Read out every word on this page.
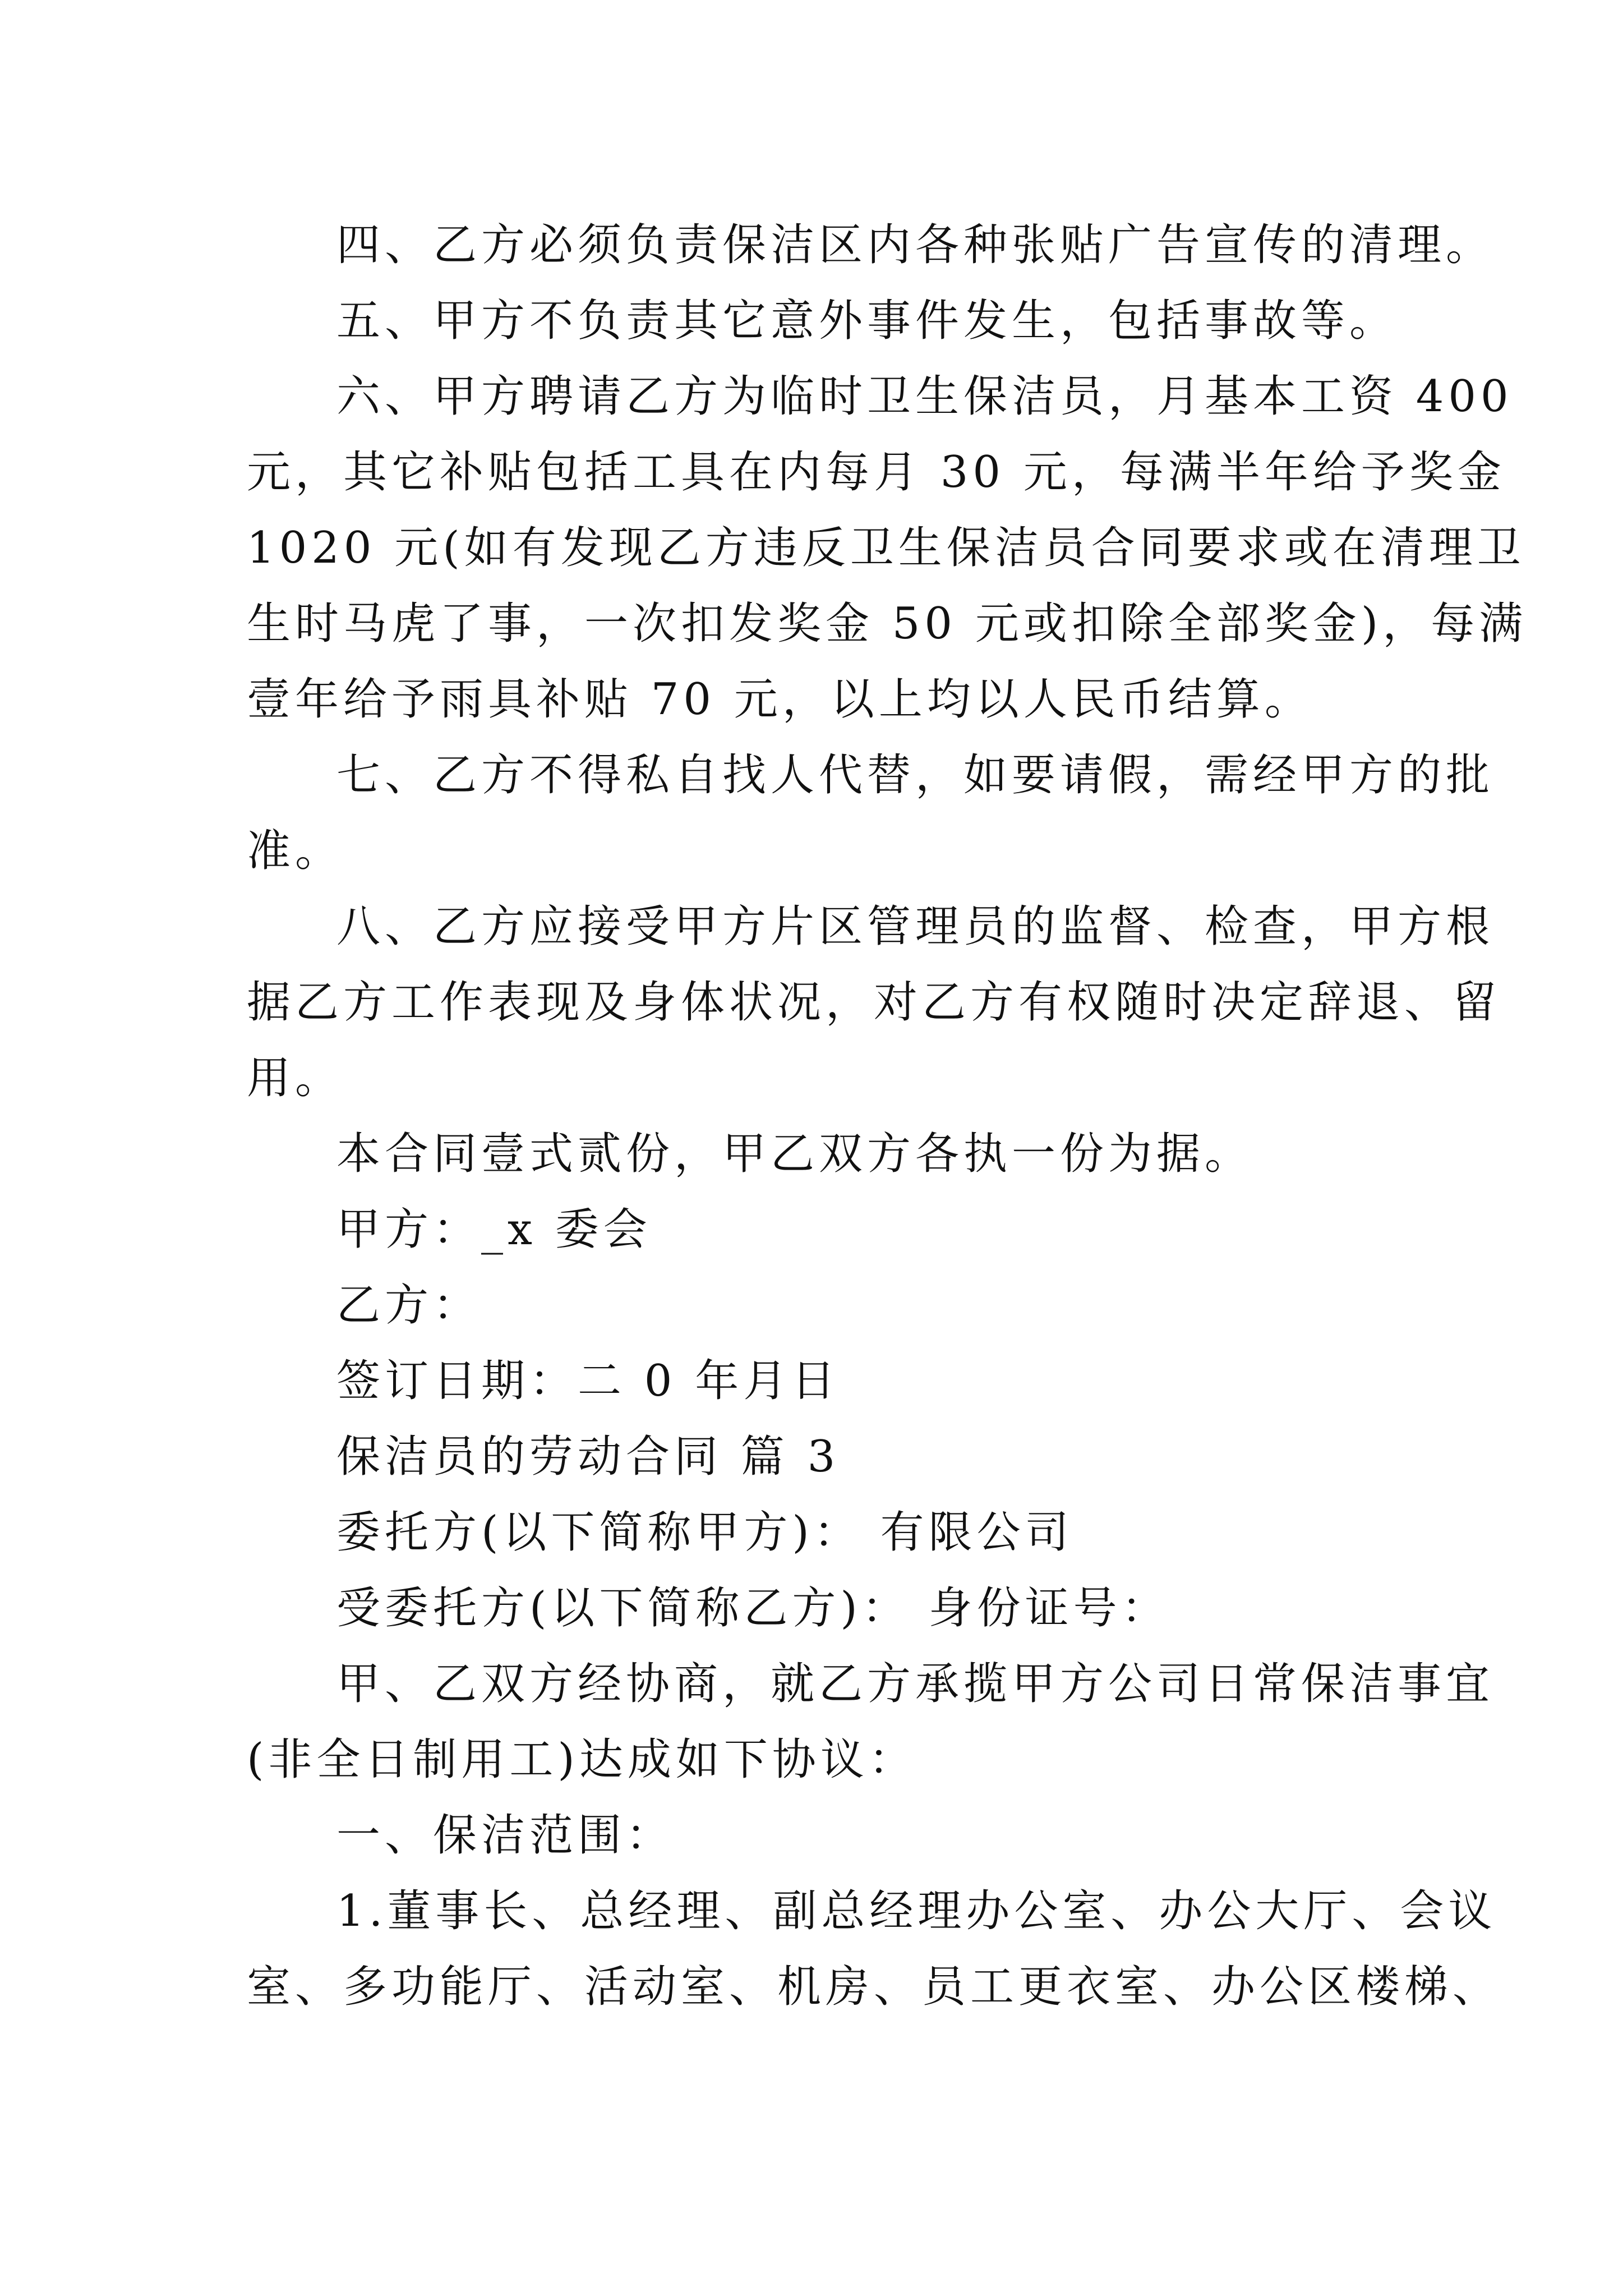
四、乙方必须负责保洁区内各种张贴广告宣传的清理。
五、甲方不负责其它意外事件发生，包括事故等。
六、甲方聘请乙方为临时卫生保洁员，月基本工资 400
元，其它补贴包括工具在内每月 30 元，每满半年给予奖金
1020 元(如有发现乙方违反卫生保洁员合同要求或在清理卫
生时马虎了事，一次扣发奖金 50 元或扣除全部奖金)，每满
壹年给予雨具补贴 70 元，以上均以人民币结算。
七、乙方不得私自找人代替，如要请假，需经甲方的批
准。
八、乙方应接受甲方片区管理员的监督、检查，甲方根
据乙方工作表现及身体状况，对乙方有权随时决定辞退、留
用。
本合同壹式贰份，甲乙双方各执一份为据。
甲方：_x 委会
乙方：
签订日期：二 0 年月日
保洁员的劳动合同 篇 3
委托方(以下简称甲方)： 有限公司
受委托方(以下简称乙方)： 身份证号：
甲、乙双方经协商，就乙方承揽甲方公司日常保洁事宜
(非全日制用工)达成如下协议：
一、保洁范围：
1.董事长、总经理、副总经理办公室、办公大厅、会议
室、多功能厅、活动室、机房、员工更衣室、办公区楼梯、
